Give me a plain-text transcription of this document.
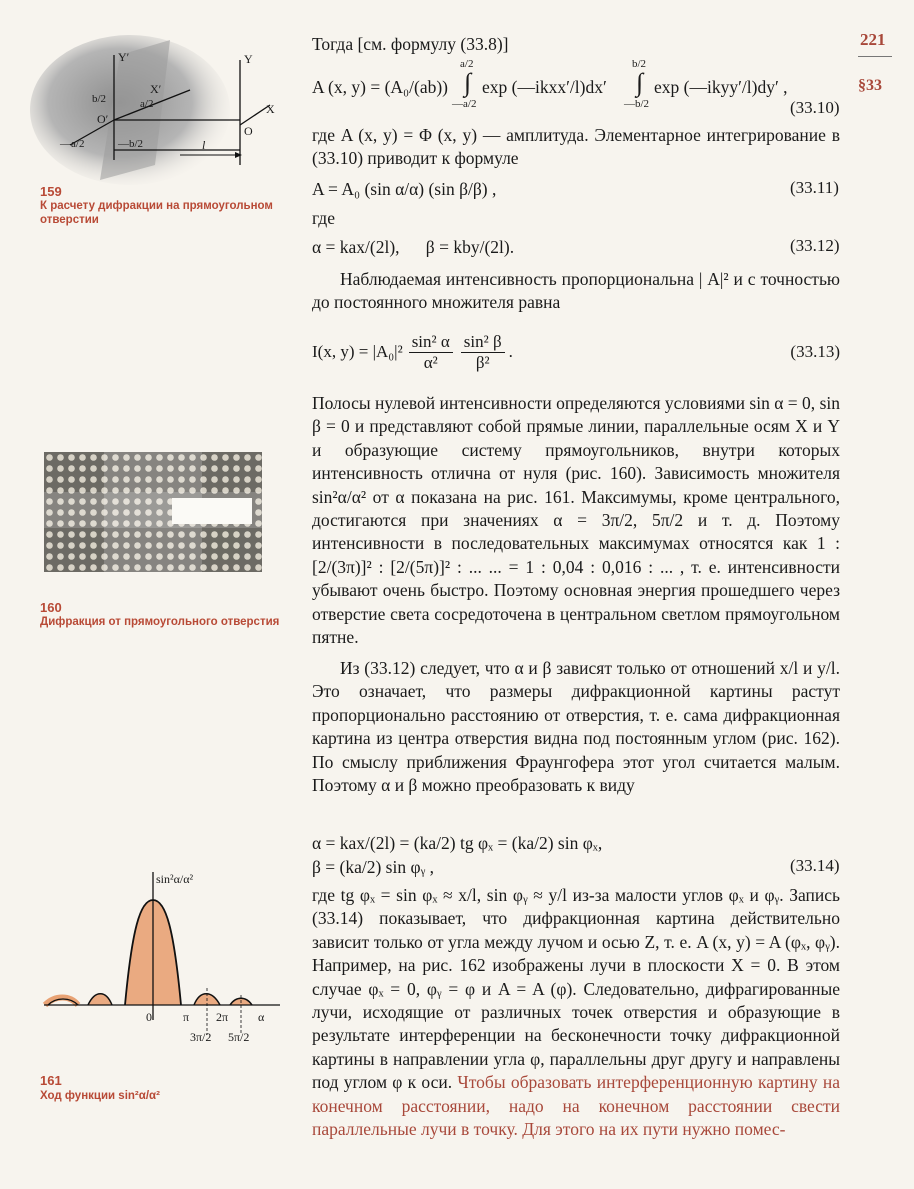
221
§33
Тогда [см. формулу (33.8)]
A (x, y) = (A₀/(ab))
a/2
∫
—a/2
exp (—ikxx′/l)dx′
b/2
∫
—b/2
exp (—ikyy′/l)dy′ ,
(33.10)
где A (x, y) = Φ (x, y) — амплитуда. Элементарное интегрирование в (33.10) приводит к формуле
A = A₀ (sin α/α) (sin β/β) ,	(33.11)
где
α = kax/(2l),      β = kby/(2l).	(33.12)
Наблюдаемая интенсивность пропорциональна | A|² и с точностью до постоянного множителя равна
I(x, $y) = |A_0|^2 \frac{\text{sin² α}}{\text{α²}} \frac{\text{sin² β}}{\text{β²}}$ .	(33.13)
Полосы нулевой интенсивности определяются условиями sin α = 0, sin β = 0 и представляют собой прямые линии, параллельные осям X и Y и образующие систему прямоугольников, внутри которых интенсивность отлична от нуля (рис. 160). Зависимость множителя sin²α/α² от α показана на рис. 161. Максимумы, кроме центрального, достигаются при значениях α = 3π/2, 5π/2 и т. д. Поэтому интенсивности в последовательных максимумах относятся как 1 : [2/(3π)]² : [2/(5π)]² : ... ... = 1 : 0,04 : 0,016 : ... , т. е. интенсивности убывают очень быстро. Поэтому основная энергия прошедшего через отверстие света сосредоточена в центральном светлом прямоугольном пятне.
Из (33.12) следует, что α и β зависят только от отношений x/l и y/l. Это означает, что размеры дифракционной картины растут пропорционально расстоянию от отверстия, т. е. сама дифракционная картина из центра отверстия видна под постоянным углом (рис. 162). По смыслу приближения Фраунгофера этот угол считается малым. Поэтому α и β можно преобразовать к виду
α = kax/(2l) = (ka/2) tg φₓ = (ka/2) sin φₓ,
β = (ka/2) sin φᵧ ,	(33.14)
где tg φₓ = sin φₓ ≈ x/l, sin φᵧ ≈ y/l из-за малости углов φₓ и φᵧ. Запись (33.14) показывает, что дифракционная картина действительно зависит только от угла между лучом и осью Z, т. е. A (x, y) = A (φₓ, φᵧ). Например, на рис. 162 изображены лучи в плоскости X = 0. В этом случае φₓ = 0, φᵧ = φ и A = A (φ). Следовательно, дифрагированные лучи, исходящие от различных точек отверстия и образующие в результате интерференции на бесконечности точку дифракционной картины в направлении угла φ, параллельны друг другу и направлены под углом φ к оси. Чтобы образовать интерференционную картину на конечном расстоянии, надо на конечном расстоянии свести параллельные лучи в точку. Для этого на их пути нужно помес-
Y′
X′
Y
X
O′
O
b/2	a/2
—a/2	—b/2	l
159
К расчету дифракции на прямоугольном отверстии
160
Дифракция от прямоугольного отверстия
sin²α/α²
0	π 2π α
3π/2 5π/2
161
Ход функции sin²α/α²
